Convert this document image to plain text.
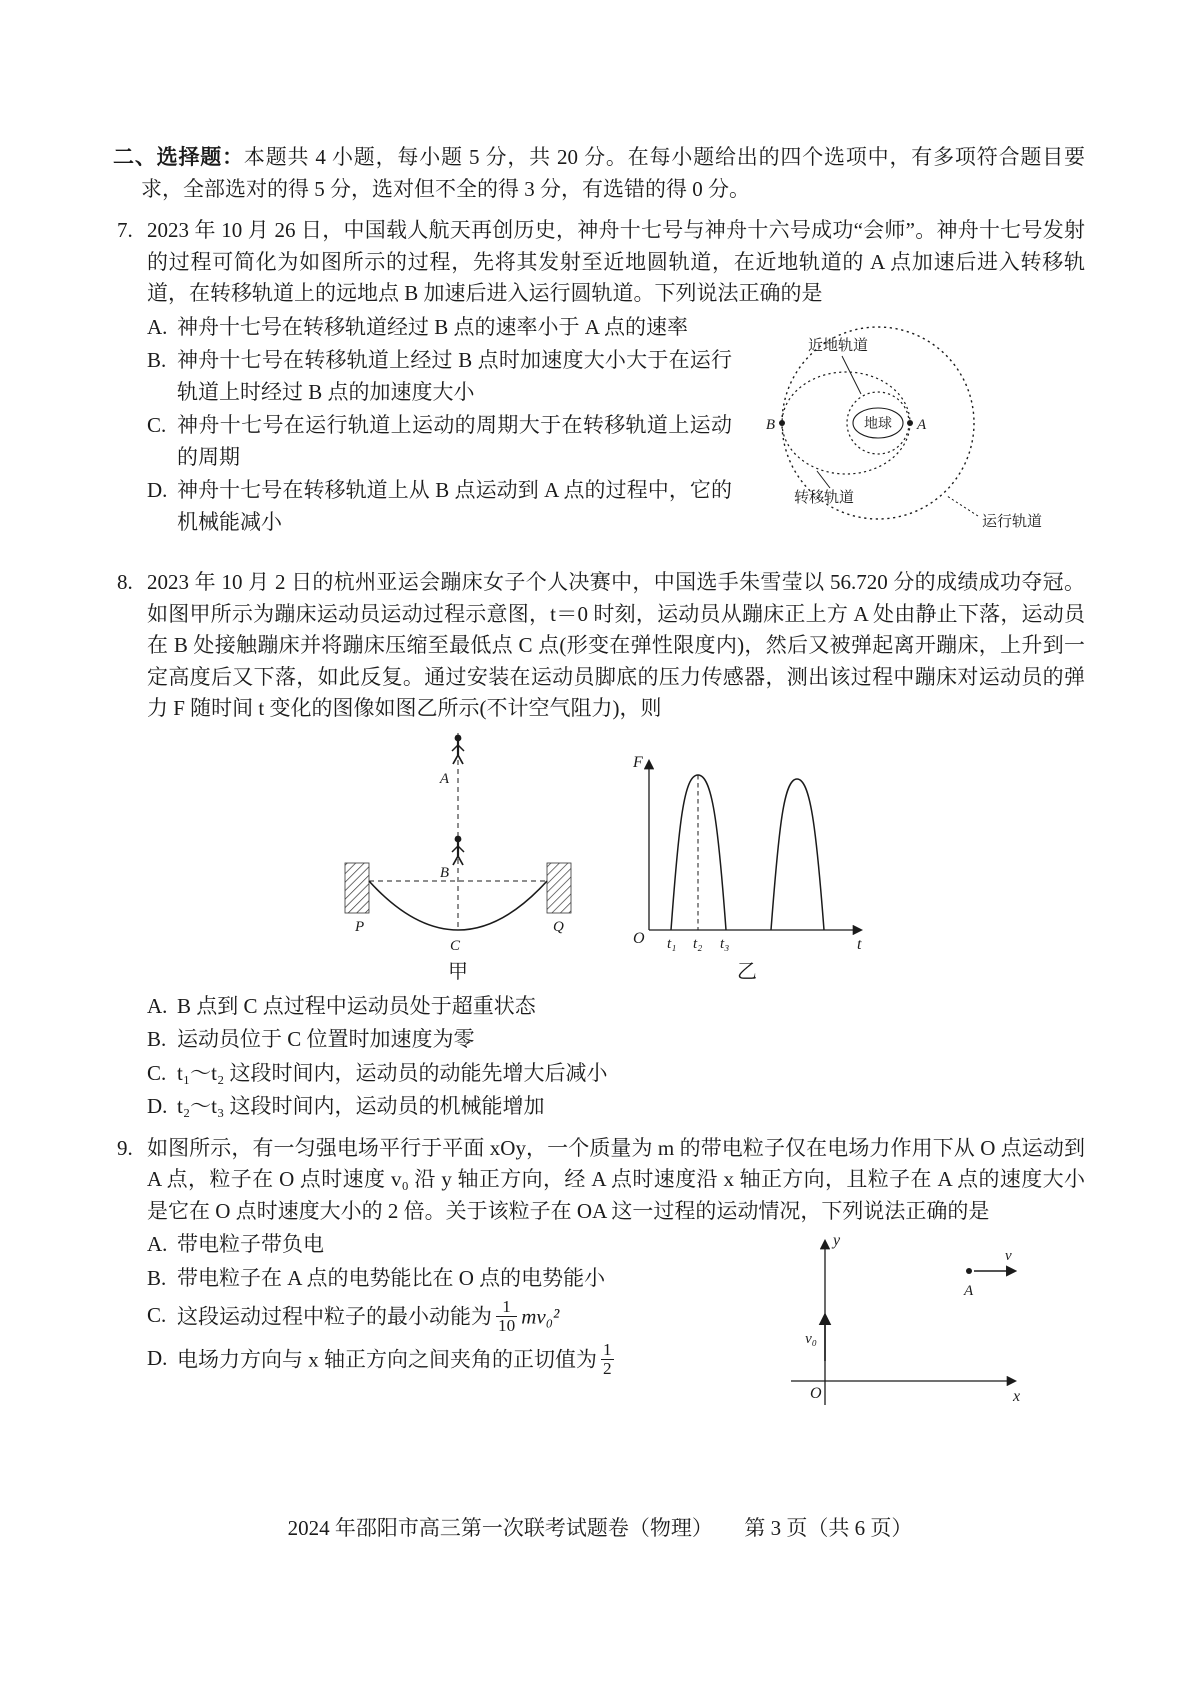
二、选择题：本题共 4 小题，每小题 5 分，共 20 分。在每小题给出的四个选项中，有多项符合题目要求，全部选对的得 5 分，选对但不全的得 3 分，有选错的得 0 分。
7. 2023 年 10 月 26 日，中国载人航天再创历史，神舟十七号与神舟十六号成功“会师”。神舟十七号发射的过程可简化为如图所示的过程，先将其发射至近地圆轨道，在近地轨道的 A 点加速后进入转移轨道，在转移轨道上的远地点 B 加速后进入运行圆轨道。下列说法正确的是
A. 神舟十七号在转移轨道经过 B 点的速率小于 A 点的速率
B. 神舟十七号在转移轨道上经过 B 点时加速度大小大于在运行轨道上时经过 B 点的加速度大小
C. 神舟十七号在运行轨道上运动的周期大于在转移轨道上运动的周期
D. 神舟十七号在转移轨道上从 B 点运动到 A 点的过程中，它的机械能减小
地球 A
B
近地轨道
转移轨道
运行轨道
8. 2023 年 10 月 2 日的杭州亚运会蹦床女子个人决赛中，中国选手朱雪莹以 56.720 分的成绩成功夺冠。如图甲所示为蹦床运动员运动过程示意图，t＝0 时刻，运动员从蹦床正上方 A 处由静止下落，运动员在 B 处接触蹦床并将蹦床压缩至最低点 C 点(形变在弹性限度内)，然后又被弹起离开蹦床，上升到一定高度后又下落，如此反复。通过安装在运动员脚底的压力传感器，测出该过程中蹦床对运动员的弹力 F 随时间 t 变化的图像如图乙所示(不计空气阻力)，则
A
B
P	Q
C
甲
F
O	t
t₁ t₂ t₃
乙
A. B 点到 C 点过程中运动员处于超重状态
B. 运动员位于 C 位置时加速度为零
C. t₁～t₂ 这段时间内，运动员的动能先增大后减小
D. t₂～t₃ 这段时间内，运动员的机械能增加
9. 如图所示，有一匀强电场平行于平面 xOy，一个质量为 m 的带电粒子仅在电场力作用下从 O 点运动到 A 点，粒子在 O 点时速度 v₀ 沿 y 轴正方向，经 A 点时速度沿 x 轴正方向，且粒子在 A 点的速度大小是它在 O 点时速度大小的 2 倍。关于该粒子在 OA 这一过程的运动情况，下列说法正确的是
A. 带电粒子带负电
B. 带电粒子在 A 点的电势能比在 O 点的电势能小
C. 这段运动过程中粒子的最小动能为 $\frac{1}{10} mv_0^2$
D. 电场力方向与 x 轴正方向之间夹角的正切值为 $\frac{1}{2}$
y
x
O
v₀
v
A
2024 年邵阳市高三第一次联考试题卷（物理）　　第 3 页（共 6 页）
